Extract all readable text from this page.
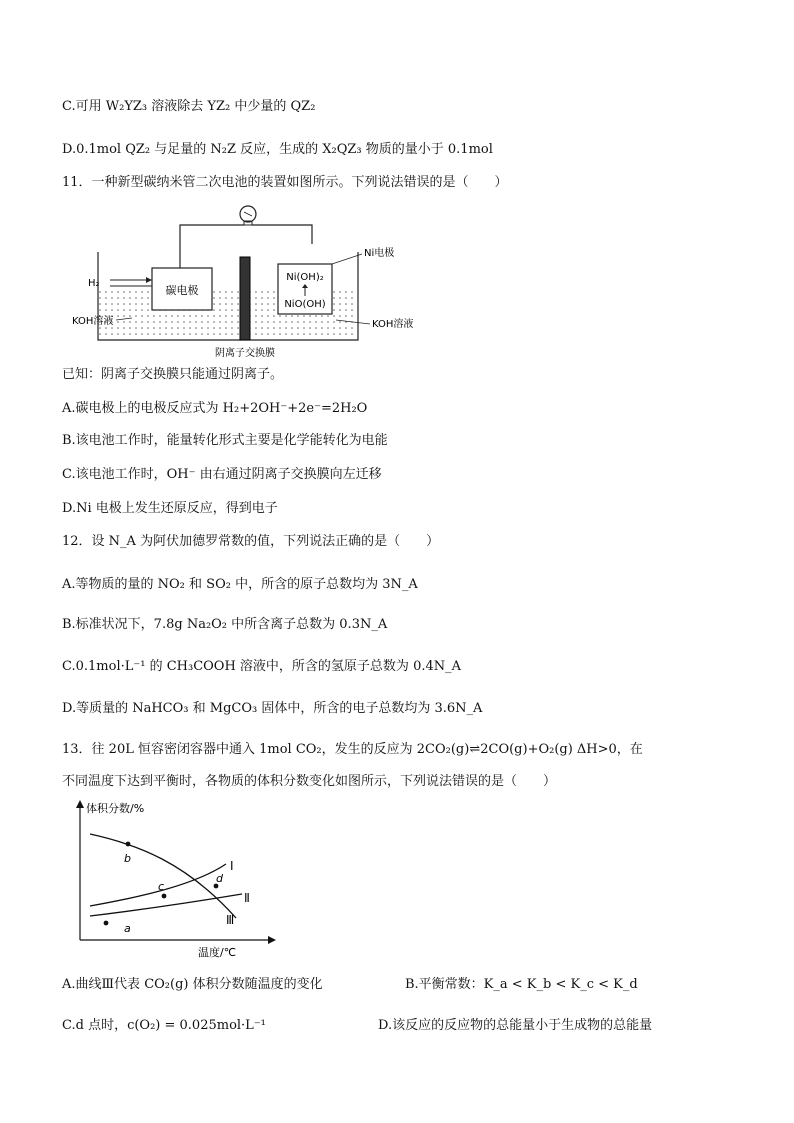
C.可用 W₂YZ₃ 溶液除去 YZ₂ 中少量的 QZ₂
D.0.1mol QZ₂ 与足量的 N₂Z 反应，生成的 X₂QZ₃ 物质的量小于 0.1mol
11．一种新型碳纳米管二次电池的装置如图所示。下列说法错误的是（　　）
碳电极
Ni(OH)₂
NiO(OH)
H₂
Ni电极
KOH溶液	KOH溶液
阴离子交换膜
已知：阴离子交换膜只能通过阴离子。
A.碳电极上的电极反应式为 H₂+2OH⁻+2e⁻=2H₂O
B.该电池工作时，能量转化形式主要是化学能转化为电能
C.该电池工作时，OH⁻ 由右通过阴离子交换膜向左迁移
D.Ni 电极上发生还原反应，得到电子
12．设 N_A 为阿伏加德罗常数的值，下列说法正确的是（　　）
A.等物质的量的 NO₂ 和 SO₂ 中，所含的原子总数均为 3N_A
B.标准状况下，7.8g Na₂O₂ 中所含离子总数为 0.3N_A
C.0.1mol·L⁻¹ 的 CH₃COOH 溶液中，所含的氢原子总数为 0.4N_A
D.等质量的 NaHCO₃ 和 MgCO₃ 固体中，所含的电子总数均为 3.6N_A
13．往 20L 恒容密闭容器中通入 1mol CO₂，发生的反应为 2CO₂(g)⇌2CO(g)+O₂(g) ΔH>0，在
不同温度下达到平衡时，各物质的体积分数变化如图所示，下列说法错误的是（　　）
体积分数/%
温度/℃
Ⅰ
Ⅱ
Ⅲ
a
b
c
d
A.曲线Ⅲ代表 CO₂(g) 体积分数随温度的变化	B.平衡常数：K_a < K_b < K_c < K_d
C.d 点时，c(O₂) = 0.025mol·L⁻¹	D.该反应的反应物的总能量小于生成物的总能量
